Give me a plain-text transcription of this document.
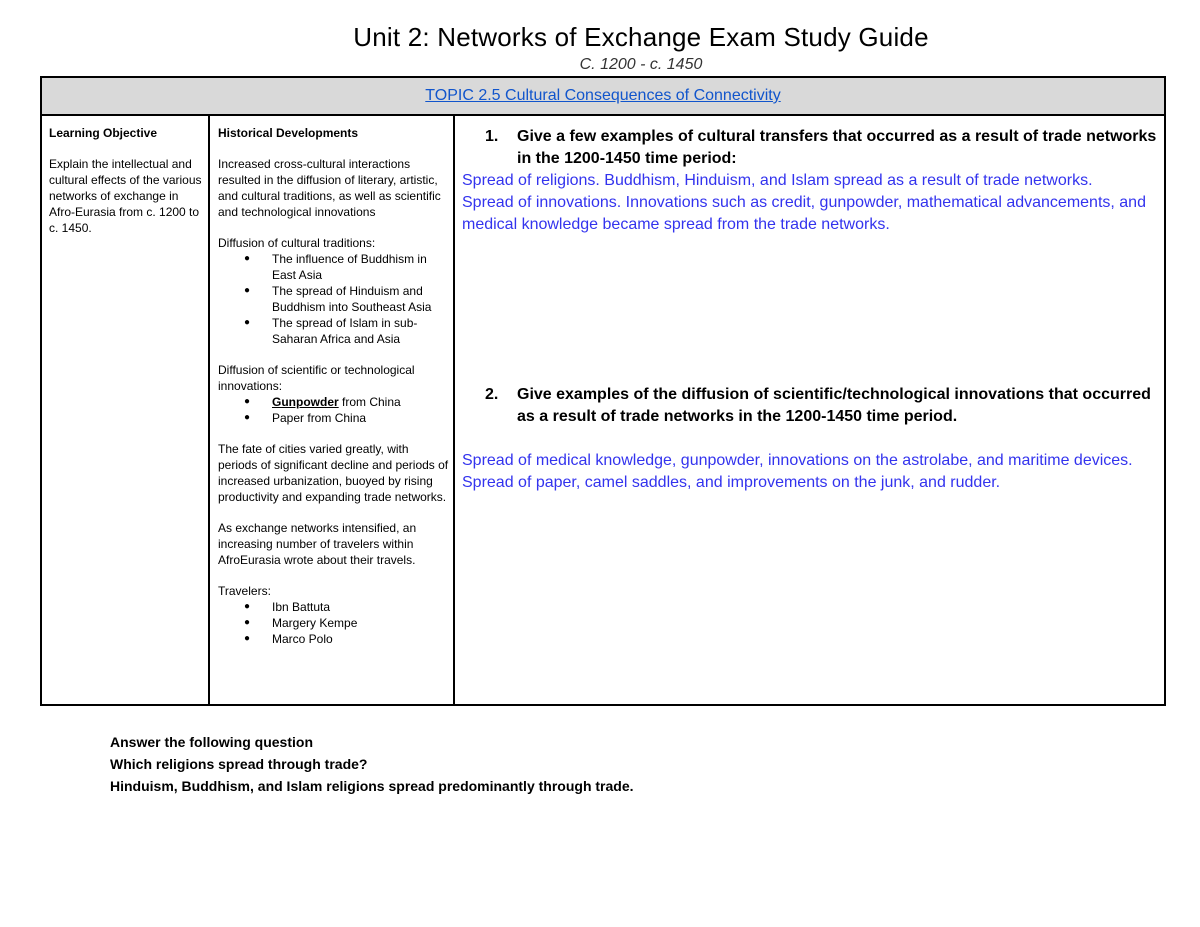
Unit 2: Networks of Exchange Exam Study Guide
C. 1200 - c. 1450
TOPIC 2.5 Cultural Consequences of Connectivity
Learning Objective
Explain the intellectual and cultural effects of the various networks of exchange in Afro-Eurasia from c. 1200 to c. 1450.
Historical Developments
Increased cross-cultural interactions resulted in the diffusion of literary, artistic, and cultural traditions, as well as scientific and technological innovations
Diffusion of cultural traditions:
● The influence of Buddhism in East Asia
● The spread of Hinduism and Buddhism into Southeast Asia
● The spread of Islam in sub-Saharan Africa and Asia
Diffusion of scientific or technological innovations:
● Gunpowder from China
● Paper from China
The fate of cities varied greatly, with periods of significant decline and periods of increased urbanization, buoyed by rising productivity and expanding trade networks.
As exchange networks intensified, an increasing number of travelers within AfroEurasia wrote about their travels.
Travelers:
● Ibn Battuta
● Margery Kempe
● Marco Polo
1.	Give a few examples of cultural transfers that occurred as a result of trade networks in the 1200-1450 time period:
Spread of religions. Buddhism, Hinduism, and Islam spread as a result of trade networks.
Spread of innovations. Innovations such as credit, gunpowder, mathematical advancements, and medical knowledge became spread from the trade networks.
2.	Give examples of the diffusion of scientific/technological innovations that occurred as a result of trade networks in the 1200-1450 time period.
Spread of medical knowledge, gunpowder, innovations on the astrolabe, and maritime devices. Spread of paper, camel saddles, and improvements on the junk, and rudder.
Answer the following question
Which religions spread through trade?
Hinduism, Buddhism, and Islam religions spread predominantly through trade.
